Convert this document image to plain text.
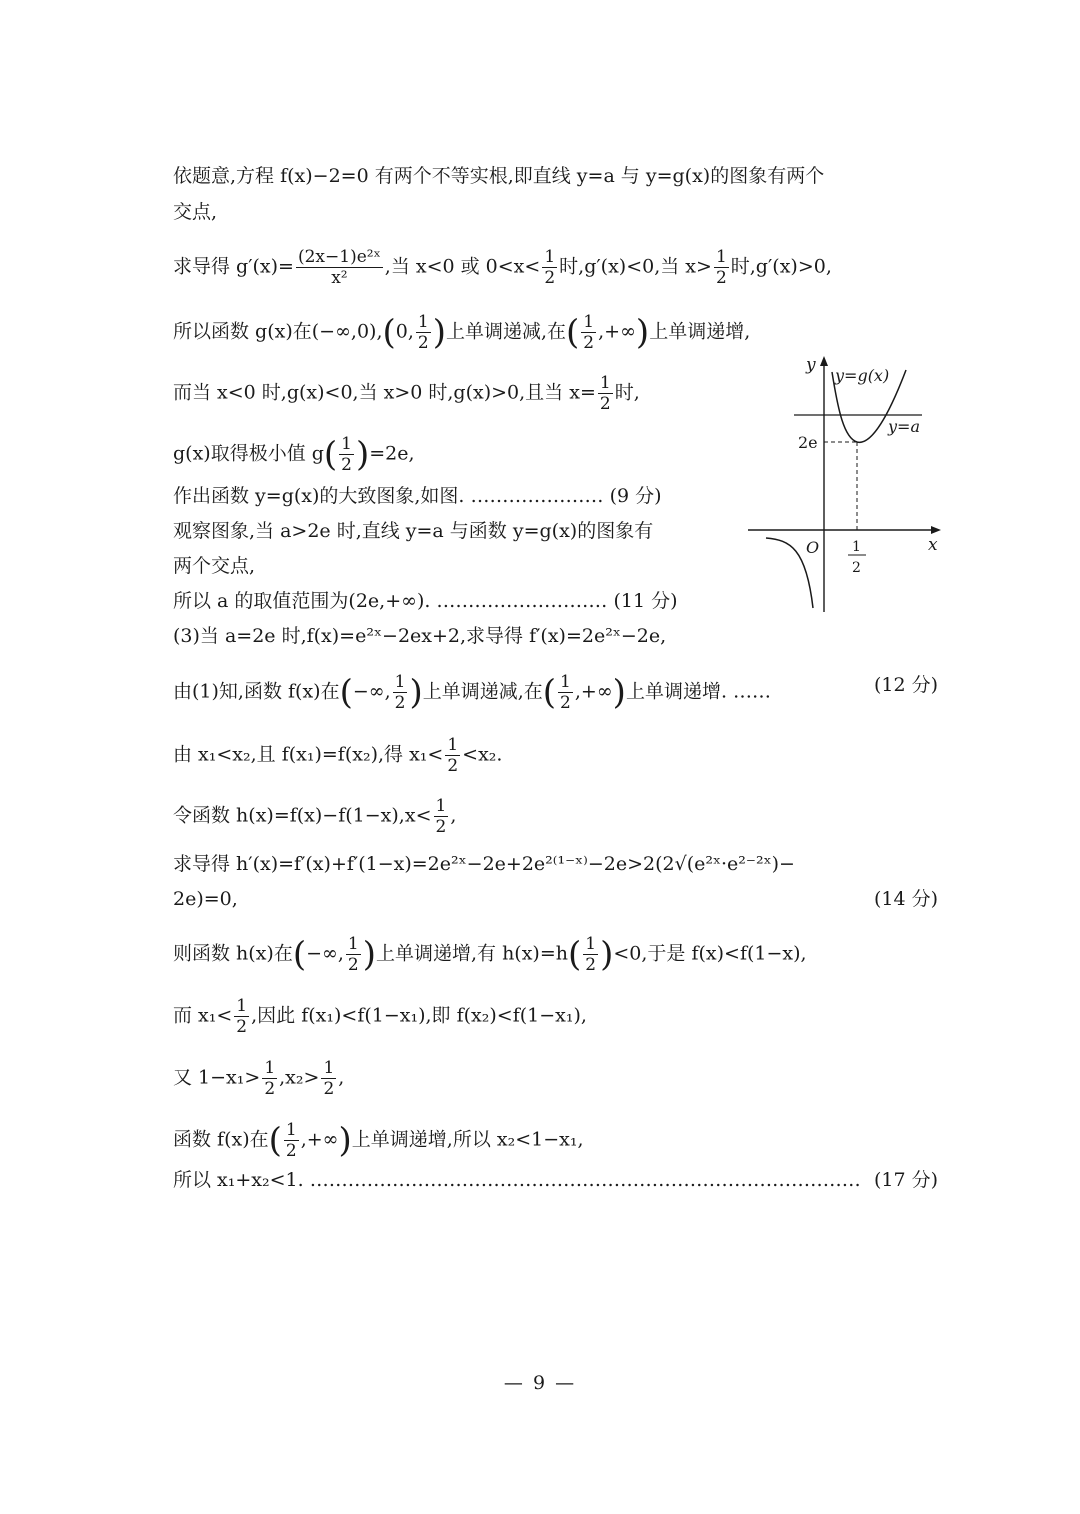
依题意,方程 f(x)−2=0 有两个不等实根,即直线 y=a 与 y=g(x)的图象有两个
交点,
求导得 $g'(x)= \frac{\text{(2x−1)e²ˣ}}{\text{x²}}$ ,当 x<0 或 $0<x< \frac{1}{2}$ 时,g′(x)<0,当 $x> \frac{1}{2}$ 时,g′(x)>0,
所以函数 g(x)在(−∞,0),(0, $\frac{1}{2}$ )上单调递减,在( $\frac{1}{2}$ ,+∞)上单调递增,
而当 x<0 时,g(x)<0,当 x>0 时,g(x)>0,且当 $x= \frac{1}{2}$ 时,
g(x)取得极小值 $g( \frac{1}{2} )=2e$,
作出函数 y=g(x)的大致图象,如图. ………………… (9 分)
观察图象,当 a>2e 时,直线 y=a 与函数 y=g(x)的图象有
两个交点,
所以 a 的取值范围为(2e,+∞). ……………………… (11 分)
(3)当 a=2e 时,f(x)=e²ˣ−2ex+2,求导得 f′(x)=2e²ˣ−2e,
由(1)知,函数 f(x)在(−∞, $\frac{1}{2}$ )上单调递减,在( $\frac{1}{2}$ ,+∞)上单调递增. ……	(12 分)
由 x₁<x₂,且 f(x₁)=f(x₂),得 $x_1< \frac{1}{2} <x_2$.
令函数 $h(x)=f(x)-f(1-x),x< \frac{1}{2}$ ,
求导得 h′(x)=f′(x)+f′(1−x)=2e²ˣ−2e+2e²⁽¹⁻ˣ⁾−2e>2(2√(e²ˣ·e²⁻²ˣ)−
2e)=0,	(14 分)
则函数 h(x)在(−∞, $\frac{1}{2}$ )上单调递增,有 $h(x)=h( \frac{1}{2} )<0$,于是 f(x)<f(1−x),
而 $x_1< \frac{1}{2}$ ,因此 f(x₁)<f(1−x₁),即 f(x₂)<f(1−x₁),
又 $1-x_1> \frac{1}{2} ,x_2> \frac{1}{2}$ ,
函数 f(x)在( $\frac{1}{2}$ ,+∞)上单调递增,所以 x₂<1−x₁,
所以 x₁+x₂<1. …………………………………………………………………………… (17 分)
y
x
O
y=g(x)
y=a
2e
1
2
— 9 —
